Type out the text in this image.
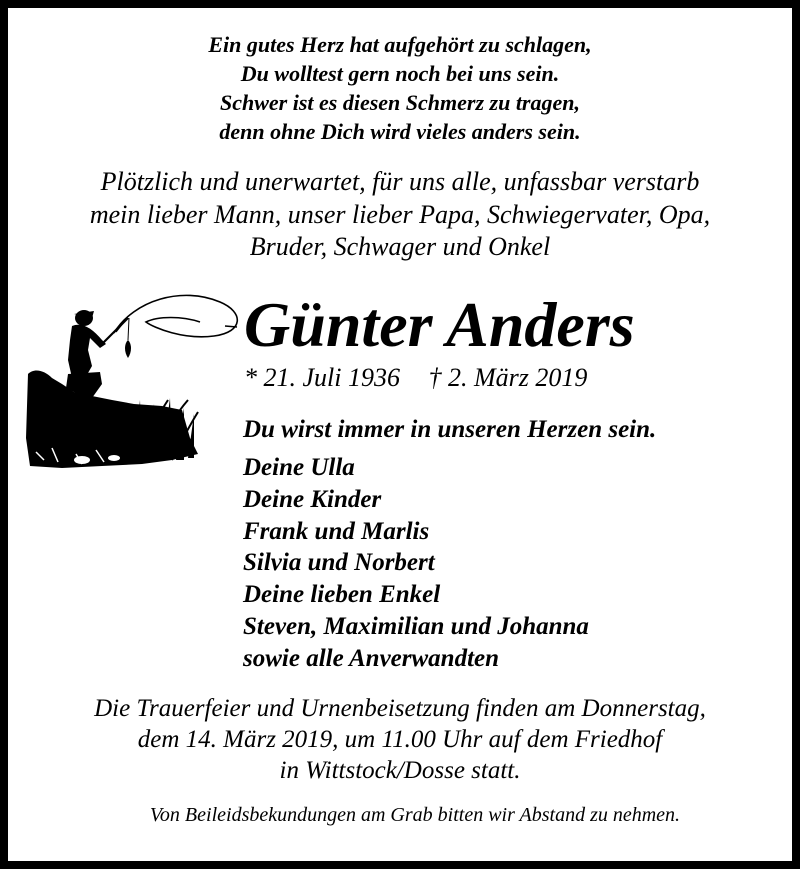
Ein gutes Herz hat aufgehört zu schlagen,
Du wolltest gern noch bei uns sein.
Schwer ist es diesen Schmerz zu tragen,
denn ohne Dich wird vieles anders sein.
Plötzlich und unerwartet, für uns alle, unfassbar verstarb
mein lieber Mann, unser lieber Papa, Schwiegervater, Opa,
Bruder, Schwager und Onkel
Günter Anders
* 21. Juli 1936 † 2. März 2019
Du wirst immer in unseren Herzen sein.
Deine Ulla
Deine Kinder
Frank und Marlis
Silvia und Norbert
Deine lieben Enkel
Steven, Maximilian und Johanna
sowie alle Anverwandten
Die Trauerfeier und Urnenbeisetzung finden am Donnerstag,
dem 14. März 2019, um 11.00 Uhr auf dem Friedhof
in Wittstock/Dosse statt.
Von Beileidsbekundungen am Grab bitten wir Abstand zu nehmen.
